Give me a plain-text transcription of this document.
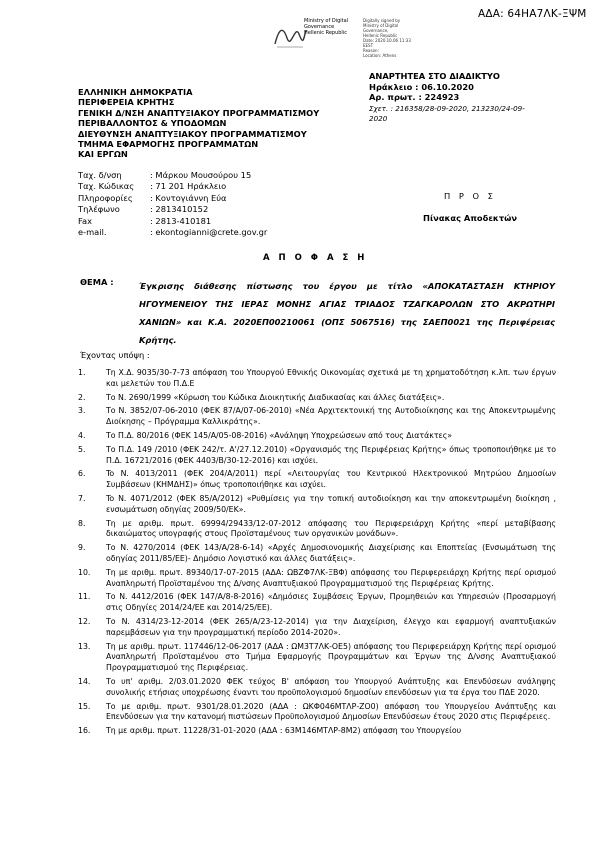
ΑΔΑ: 64ΗΑ7ΛΚ-ΞΨΜ
Ministry of Digital
Governance
Hellenic Republic
Digitally signed by
Ministry of Digital
Governance,
Hellenic Republic
Date: 2020.10.06 11:33
EEST
Reason:
Location: Athens
ΕΛΛΗΝΙΚΗ ΔΗΜΟΚΡΑΤΙΑ
ΠΕΡΙΦΕΡΕΙΑ ΚΡΗΤΗΣ
ΓΕΝΙΚΗ Δ/ΝΣΗ ΑΝΑΠΤΥΞΙΑΚΟΥ ΠΡΟΓΡΑΜΜΑΤΙΣΜΟΥ
ΠΕΡΙΒΑΛΛΟΝΤΟΣ & ΥΠΟΔΟΜΩΝ
ΔΙΕΥΘΥΝΣΗ ΑΝΑΠΤΥΞΙΑΚΟΥ ΠΡΟΓΡΑΜΜΑΤΙΣΜΟΥ
ΤΜΗΜΑ ΕΦΑΡΜΟΓΗΣ ΠΡΟΓΡΑΜΜΑΤΩΝ
ΚΑΙ ΕΡΓΩΝ
ΑΝΑΡΤΗΤΕΑ ΣΤΟ ΔΙΑΔΙΚΤΥΟ
Ηράκλειο : 06.10.2020
Αρ. πρωτ. : 224923
Σχετ. : 216358/28-09-2020, 213230/24-09-
2020
Ταχ. δ/νση	: Μάρκου Μουσούρου 15
Ταχ. Κώδικας	: 71 201 Ηράκλειο
Πληροφορίες	: Κοντογιάννη Εύα
Τηλέφωνο	: 2813410152
Fax	: 2813-410181
e-mail.	: ekontogianni@crete.gov.gr
Π Ρ Ο Σ
Πίνακας Αποδεκτών
Α Π Ο Φ Α Σ Η
ΘΕΜΑ :	Έγκρισης διάθεσης πίστωσης του έργου με τίτλο «ΑΠΟΚΑΤΑΣΤΑΣΗ ΚΤΗΡΙΟΥ ΗΓΟΥΜΕΝΕΙΟΥ ΤΗΣ ΙΕΡΑΣ ΜΟΝΗΣ ΑΓΙΑΣ ΤΡΙΑΔΟΣ ΤΖΑΓΚΑΡΟΛΩΝ ΣΤΟ ΑΚΡΩΤΗΡΙ ΧΑΝΙΩΝ» και Κ.Α. 2020ΕΠ00210061 (ΟΠΣ 5067516) της ΣΑΕΠ0021 της Περιφέρειας Κρήτης.
Έχοντας υπόψη :
1.	Τη Χ.Δ. 9035/30-7-73 απόφαση του Υπουργού Εθνικής Οικονομίας σχετικά με τη χρηματοδότηση κ.λπ. των έργων και μελετών του Π.Δ.Ε
2.	Το Ν. 2690/1999 «Κύρωση του Κώδικα Διοικητικής Διαδικασίας και άλλες διατάξεις».
3.	Το Ν. 3852/07-06-2010 (ΦΕΚ 87/Α/07-06-2010) «Νέα Αρχιτεκτονική της Αυτοδιοίκησης και της Αποκεντρωμένης Διοίκησης – Πρόγραμμα Καλλικράτης».
4.	Το Π.Δ. 80/2016 (ΦΕΚ 145/Α/05-08-2016) «Ανάληψη Υποχρεώσεων από τους Διατάκτες»
5.	Το Π.Δ. 149 /2010 (ΦΕΚ 242/τ. Α'/27.12.2010) «Οργανισμός της Περιφέρειας Κρήτης» όπως τροποποιήθηκε με το Π.Δ. 16721/2016 (ΦΕΚ 4403/Β/30-12-2016) και ισχύει.
6.	To N. 4013/2011 (ΦΕΚ 204/Α/2011) περί «Λειτουργίας του Κεντρικού Ηλεκτρονικού Μητρώου Δημοσίων Συμβάσεων (ΚΗΜΔΗΣ)» όπως τροποποιήθηκε και ισχύει.
7.	To N. 4071/2012 (ΦΕΚ 85/Α/2012) «Ρυθμίσεις για την τοπική αυτοδιοίκηση και την αποκεντρωμένη διοίκηση , ενσωμάτωση οδηγίας 2009/50/ΕΚ».
8.	Τη με αριθμ. πρωτ. 69994/29433/12-07-2012 απόφασης του Περιφερειάρχη Κρήτης «περί μεταβίβασης δικαιώματος υπογραφής στους Προϊσταμένους των οργανικών μονάδων».
9.	Το Ν. 4270/2014 (ΦΕΚ 143/Α/28-6-14) «Αρχές Δημοσιονομικής Διαχείρισης και Εποπτείας (Ενσωμάτωση της οδηγίας 2011/85/ΕΕ)- Δημόσιο Λογιστικό και άλλες διατάξεις».
10.	Τη με αριθμ. πρωτ. 89340/17-07-2015 (ΑΔΑ: ΩΒΖΦ7ΛΚ-ΞΒΦ) απόφασης του Περιφερειάρχη Κρήτης περί ορισμού Αναπληρωτή Προϊσταμένου της Δ/νσης Αναπτυξιακού Προγραμματισμού της Περιφέρειας Κρήτης.
11.	Το Ν. 4412/2016 (ΦΕΚ 147/Α/8-8-2016) «Δημόσιες Συμβάσεις Έργων, Προμηθειών και Υπηρεσιών (Προσαρμογή στις Οδηγίες 2014/24/ΕΕ και 2014/25/ΕΕ).
12.	Το Ν. 4314/23-12-2014 (ΦΕΚ 265/Α/23-12-2014) για την Διαχείριση, έλεγχο και εφαρμογή αναπτυξιακών παρεμβάσεων για την προγραμματική περίοδο 2014-2020».
13.	Τη με αριθμ. πρωτ. 117446/12-06-2017 (ΑΔΑ : ΩΜ3Τ7ΛΚ-ΟΕ5) απόφασης του Περιφερειάρχη Κρήτης περί ορισμού Αναπληρωτή Προϊσταμένου στο Τμήμα Εφαρμογής Προγραμμάτων και Έργων της Δ/νσης Αναπτυξιακού Προγραμματισμού της Περιφέρειας.
14.	Το υπ' αριθμ. 2/03.01.2020 ΦΕΚ τεύχος Β' απόφαση του Υπουργού Ανάπτυξης και Επενδύσεων ανάληψης συνολικής ετήσιας υποχρέωσης έναντι του προϋπολογισμού δημοσίων επενδύσεων για τα έργα του ΠΔΕ 2020.
15.	Το με αριθμ. πρωτ. 9301/28.01.2020 (ΑΔΑ : ΩΚΦ046ΜΤΛΡ-ΖΟ0) απόφαση του Υπουργείου Ανάπτυξης και Επενδύσεων για την κατανομή πιστώσεων Προϋπολογισμού Δημοσίων Επενδύσεων έτους 2020 στις Περιφέρειες.
16.	Τη με αριθμ. πρωτ. 11228/31-01-2020 (ΑΔΑ : 63Μ146ΜΤΛΡ-8Μ2) απόφαση του Υπουργείου
